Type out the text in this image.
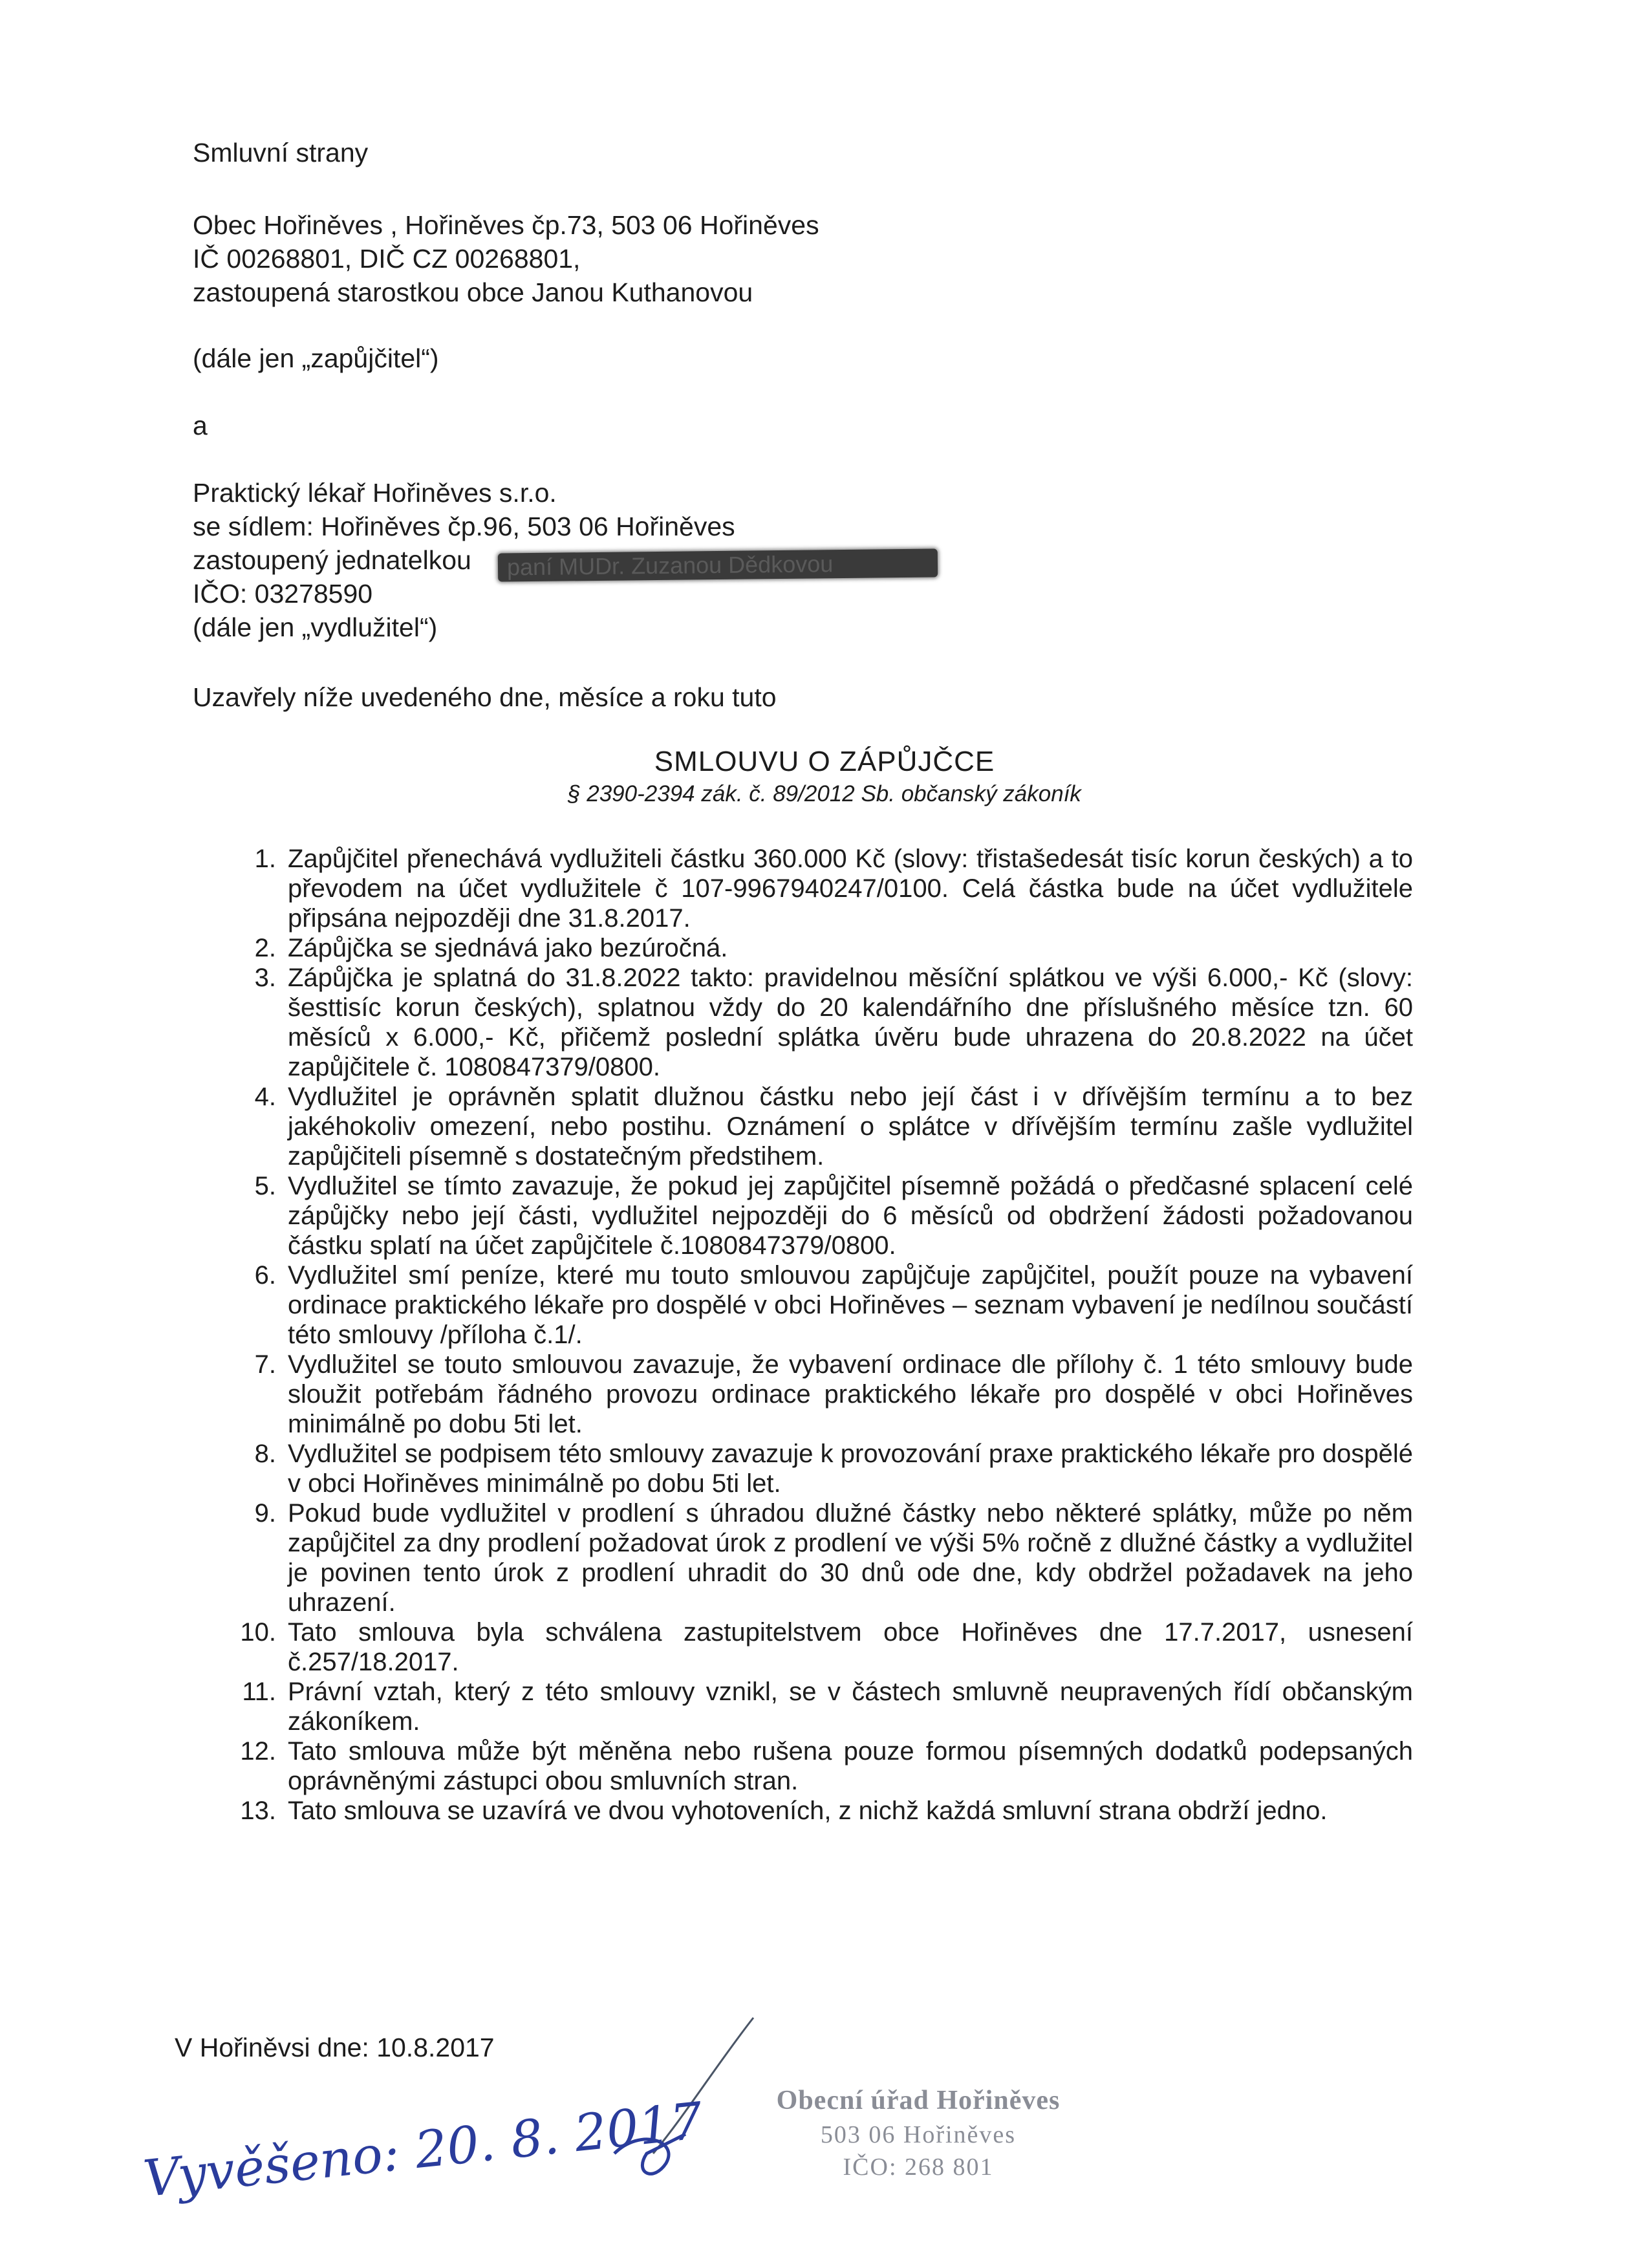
Smluvní strany
Obec Hořiněves , Hořiněves čp.73, 503 06 Hořiněves
IČ 00268801, DIČ CZ 00268801,
zastoupená starostkou obce Janou Kuthanovou
(dále jen „zapůjčitel“)
a
Praktický lékař Hořiněves s.r.o.
se sídlem: Hořiněves čp.96, 503 06 Hořiněves
zastoupený jednatelkou	paní MUDr. Zuzanou Dědkovou
IČO: 03278590
(dále jen „vydlužitel“)
Uzavřely níže uvedeného dne, měsíce a roku tuto
SMLOUVU O ZÁPŮJČCE
§ 2390-2394 zák. č. 89/2012 Sb. občanský zákoník
1. Zapůjčitel přenechává vydlužiteli částku 360.000 Kč (slovy: třistašedesát tisíc korun českých) a to převodem na účet vydlužitele č 107-9967940247/0100. Celá částka bude na účet vydlužitele připsána nejpozději dne 31.8.2017.
2. Zápůjčka se sjednává jako bezúročná.
3. Zápůjčka je splatná do 31.8.2022 takto: pravidelnou měsíční splátkou ve výši 6.000,- Kč (slovy: šesttisíc korun českých), splatnou vždy do 20 kalendářního dne příslušného měsíce tzn. 60 měsíců x 6.000,- Kč, přičemž poslední splátka úvěru bude uhrazena do 20.8.2022 na účet zapůjčitele č. 1080847379/0800.
4. Vydlužitel je oprávněn splatit dlužnou částku nebo její část i v dřívějším termínu a to bez jakéhokoliv omezení, nebo postihu. Oznámení o splátce v dřívějším termínu zašle vydlužitel zapůjčiteli písemně s dostatečným předstihem.
5. Vydlužitel se tímto zavazuje, že pokud jej zapůjčitel písemně požádá o předčasné splacení celé zápůjčky nebo její části, vydlužitel nejpozději do 6 měsíců od obdržení žádosti požadovanou částku splatí na účet zapůjčitele č.1080847379/0800.
6. Vydlužitel smí peníze, které mu touto smlouvou zapůjčuje zapůjčitel, použít pouze na vybavení ordinace praktického lékaře pro dospělé v obci Hořiněves – seznam vybavení je nedílnou součástí této smlouvy /příloha č.1/.
7. Vydlužitel se touto smlouvou zavazuje, že vybavení ordinace dle přílohy č. 1 této smlouvy bude sloužit potřebám řádného provozu ordinace praktického lékaře pro dospělé v obci Hořiněves minimálně po dobu 5ti let.
8. Vydlužitel se podpisem této smlouvy zavazuje k provozování praxe praktického lékaře pro dospělé v obci Hořiněves minimálně po dobu 5ti let.
9. Pokud bude vydlužitel v prodlení s úhradou dlužné částky nebo některé splátky, může po něm zapůjčitel za dny prodlení požadovat úrok z prodlení ve výši 5% ročně z dlužné částky a vydlužitel je povinen tento úrok z prodlení uhradit do 30 dnů ode dne, kdy obdržel požadavek na jeho uhrazení.
10. Tato smlouva byla schválena zastupitelstvem obce Hořiněves dne 17.7.2017, usnesení č.257/18.2017.
11. Právní vztah, který z této smlouvy vznikl, se v částech smluvně neupravených řídí občanským zákoníkem.
12. Tato smlouva může být měněna nebo rušena pouze formou písemných dodatků podepsaných oprávněnými zástupci obou smluvních stran.
13. Tato smlouva se uzavírá ve dvou vyhotoveních, z nichž každá smluvní strana obdrží jedno.
V Hořiněvsi dne: 10.8.2017
Vyvěšeno: 20. 8. 2017	Obecní úřad Hořiněves
503 06 Hořiněves
IČO: 268 801
